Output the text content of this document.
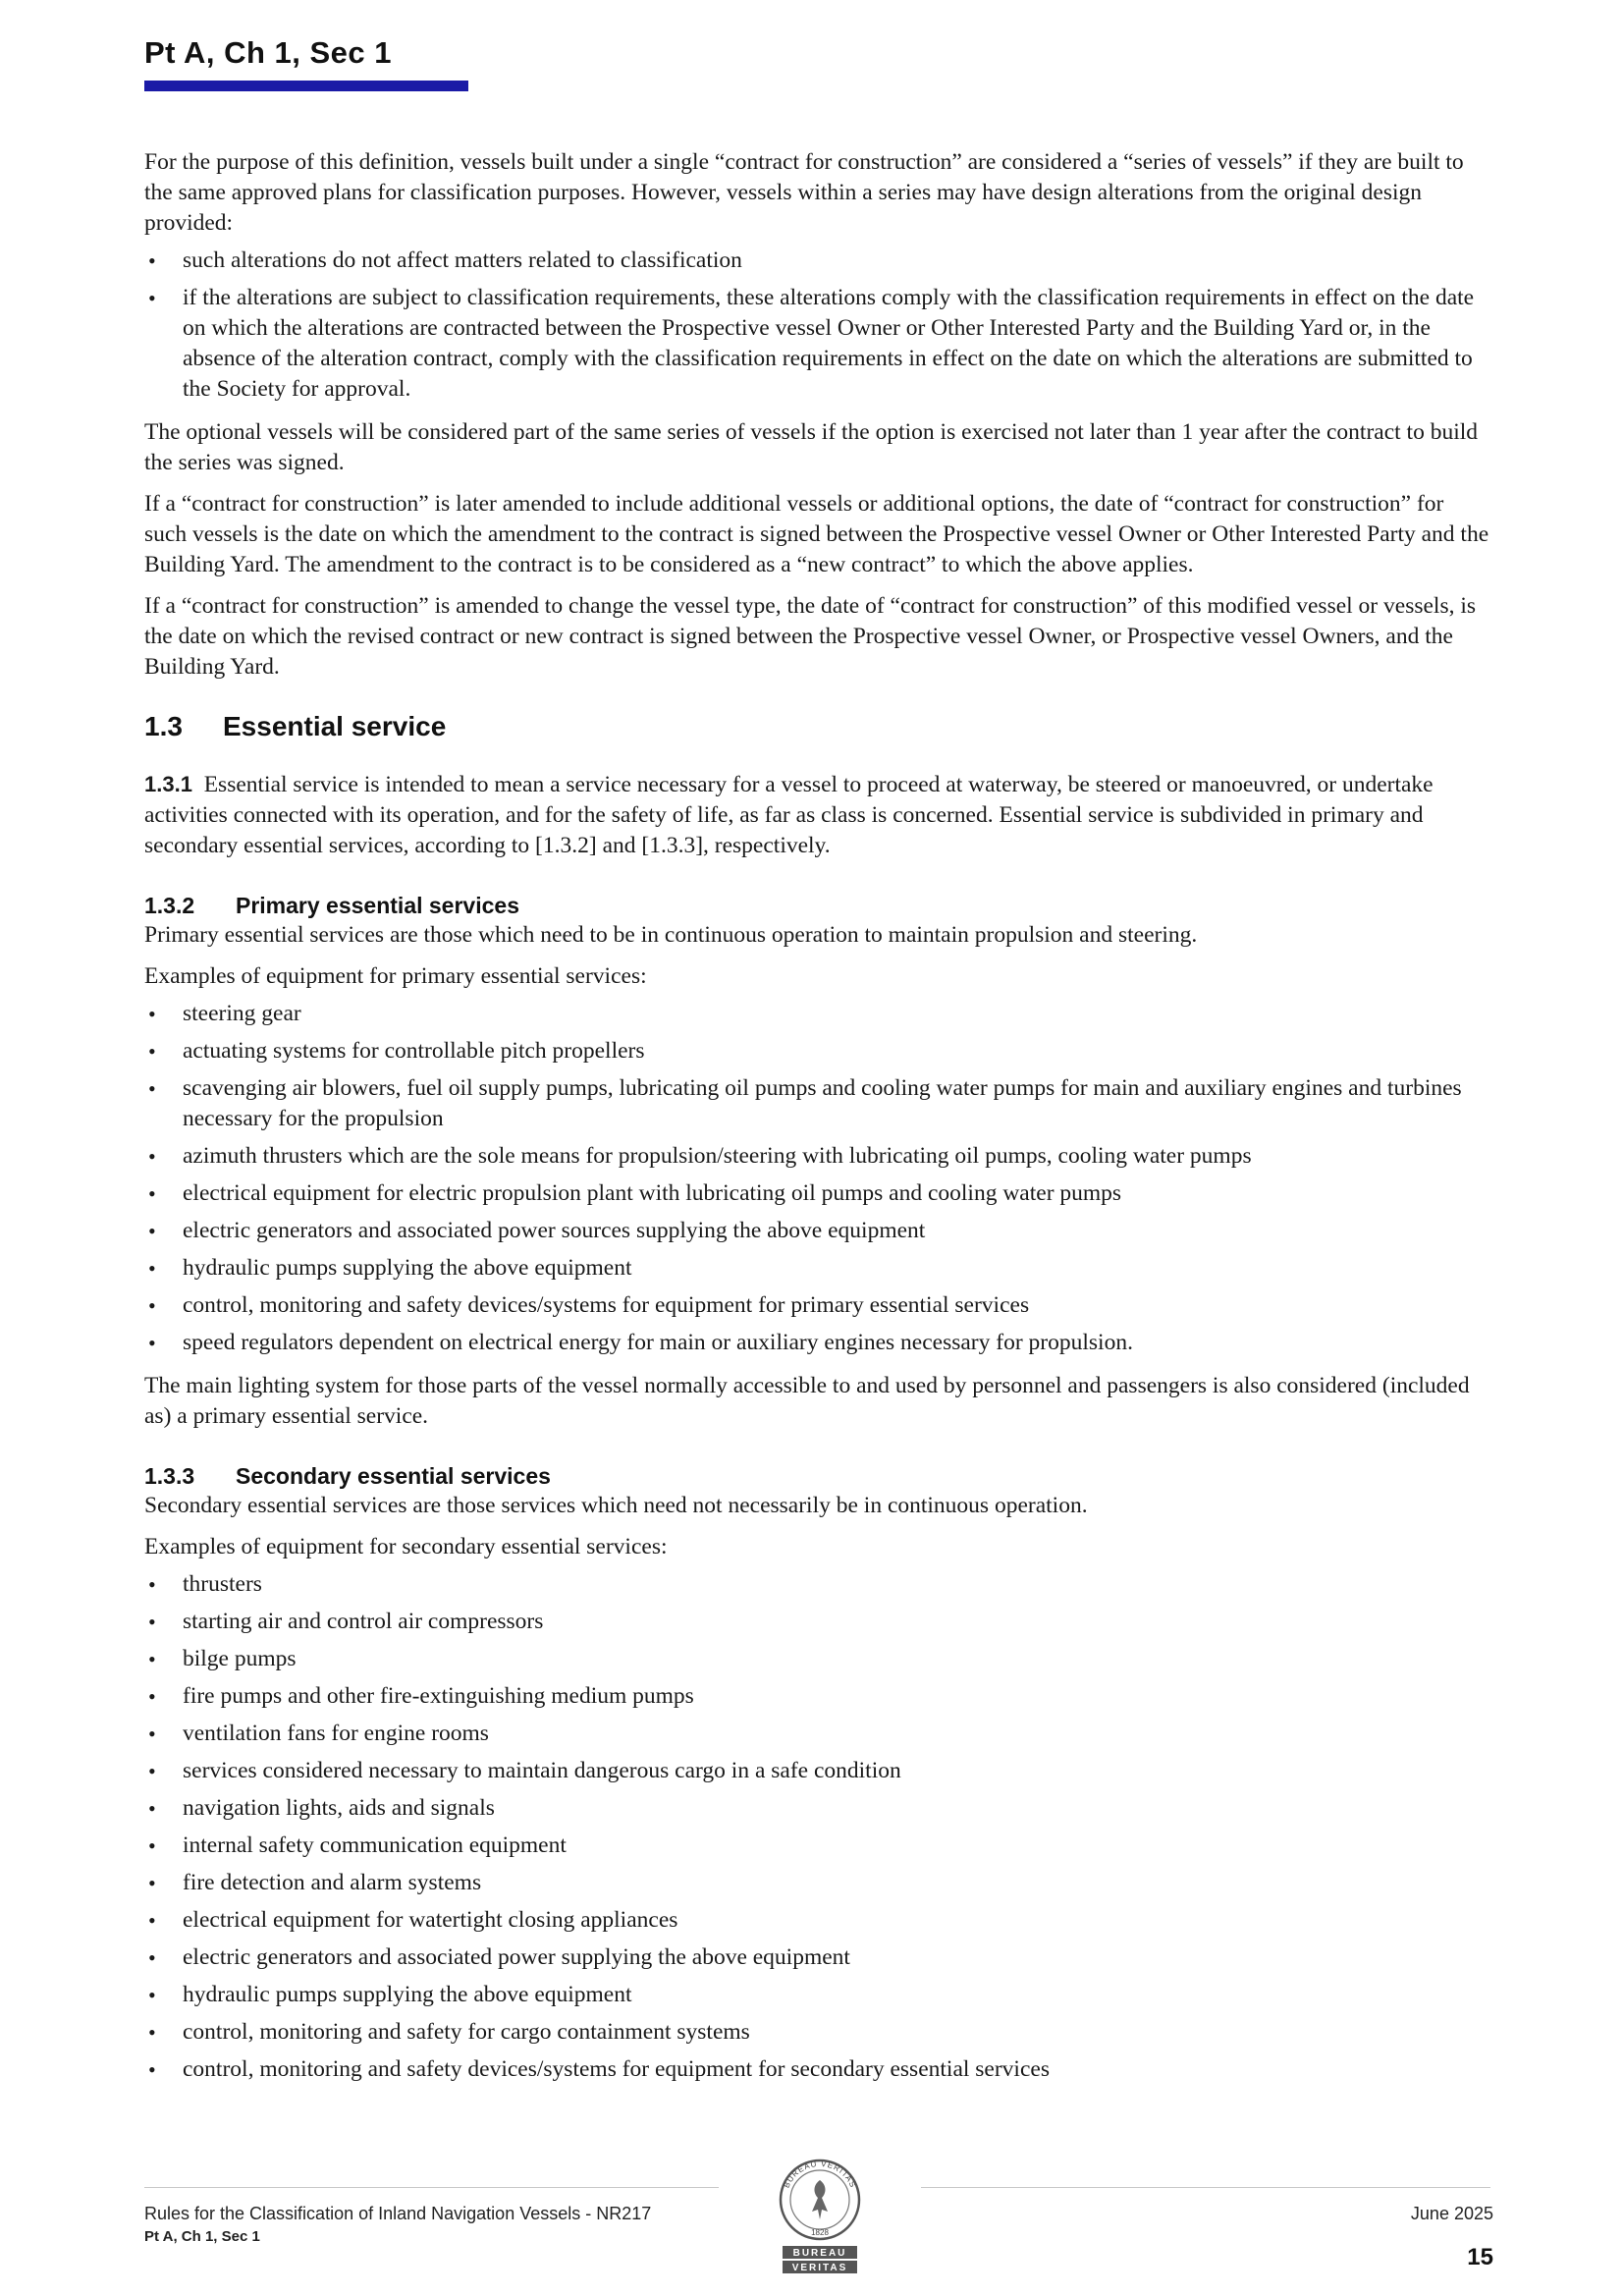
Pt A, Ch 1, Sec 1

For the purpose of this definition, vessels built under a single “contract for construction” are considered a “series of vessels” if they are built to the same approved plans for classification purposes. However, vessels within a series may have design alterations from the original design provided:

• such alterations do not affect matters related to classification
• if the alterations are subject to classification requirements, these alterations comply with the classification requirements in effect on the date on which the alterations are contracted between the Prospective vessel Owner or Other Interested Party and the Building Yard or, in the absence of the alteration contract, comply with the classification requirements in effect on the date on which the alterations are submitted to the Society for approval.

The optional vessels will be considered part of the same series of vessels if the option is exercised not later than 1 year after the contract to build the series was signed.

If a “contract for construction” is later amended to include additional vessels or additional options, the date of “contract for construction” for such vessels is the date on which the amendment to the contract is signed between the Prospective vessel Owner or Other Interested Party and the Building Yard. The amendment to the contract is to be considered as a “new contract” to which the above applies.

If a “contract for construction” is amended to change the vessel type, the date of “contract for construction” of this modified vessel or vessels, is the date on which the revised contract or new contract is signed between the Prospective vessel Owner, or Prospective vessel Owners, and the Building Yard.

1.3 Essential service

1.3.1 Essential service is intended to mean a service necessary for a vessel to proceed at waterway, be steered or manoeuvred, or undertake activities connected with its operation, and for the safety of life, as far as class is concerned. Essential service is subdivided in primary and secondary essential services, according to [1.3.2] and [1.3.3], respectively.

1.3.2 Primary essential services

Primary essential services are those which need to be in continuous operation to maintain propulsion and steering.

Examples of equipment for primary essential services:

• steering gear
• actuating systems for controllable pitch propellers
• scavenging air blowers, fuel oil supply pumps, lubricating oil pumps and cooling water pumps for main and auxiliary engines and turbines necessary for the propulsion
• azimuth thrusters which are the sole means for propulsion/steering with lubricating oil pumps, cooling water pumps
• electrical equipment for electric propulsion plant with lubricating oil pumps and cooling water pumps
• electric generators and associated power sources supplying the above equipment
• hydraulic pumps supplying the above equipment
• control, monitoring and safety devices/systems for equipment for primary essential services
• speed regulators dependent on electrical energy for main or auxiliary engines necessary for propulsion.

The main lighting system for those parts of the vessel normally accessible to and used by personnel and passengers is also considered (included as) a primary essential service.

1.3.3 Secondary essential services

Secondary essential services are those services which need not necessarily be in continuous operation.

Examples of equipment for secondary essential services:

• thrusters
• starting air and control air compressors
• bilge pumps
• fire pumps and other fire-extinguishing medium pumps
• ventilation fans for engine rooms
• services considered necessary to maintain dangerous cargo in a safe condition
• navigation lights, aids and signals
• internal safety communication equipment
• fire detection and alarm systems
• electrical equipment for watertight closing appliances
• electric generators and associated power supplying the above equipment
• hydraulic pumps supplying the above equipment
• control, monitoring and safety for cargo containment systems
• control, monitoring and safety devices/systems for equipment for secondary essential services
Rules for the Classification of Inland Navigation Vessels - NR217
Pt A, Ch 1, Sec 1
June 2025
15
BUREAU VERITAS
1828
BUREAU
VERITAS
